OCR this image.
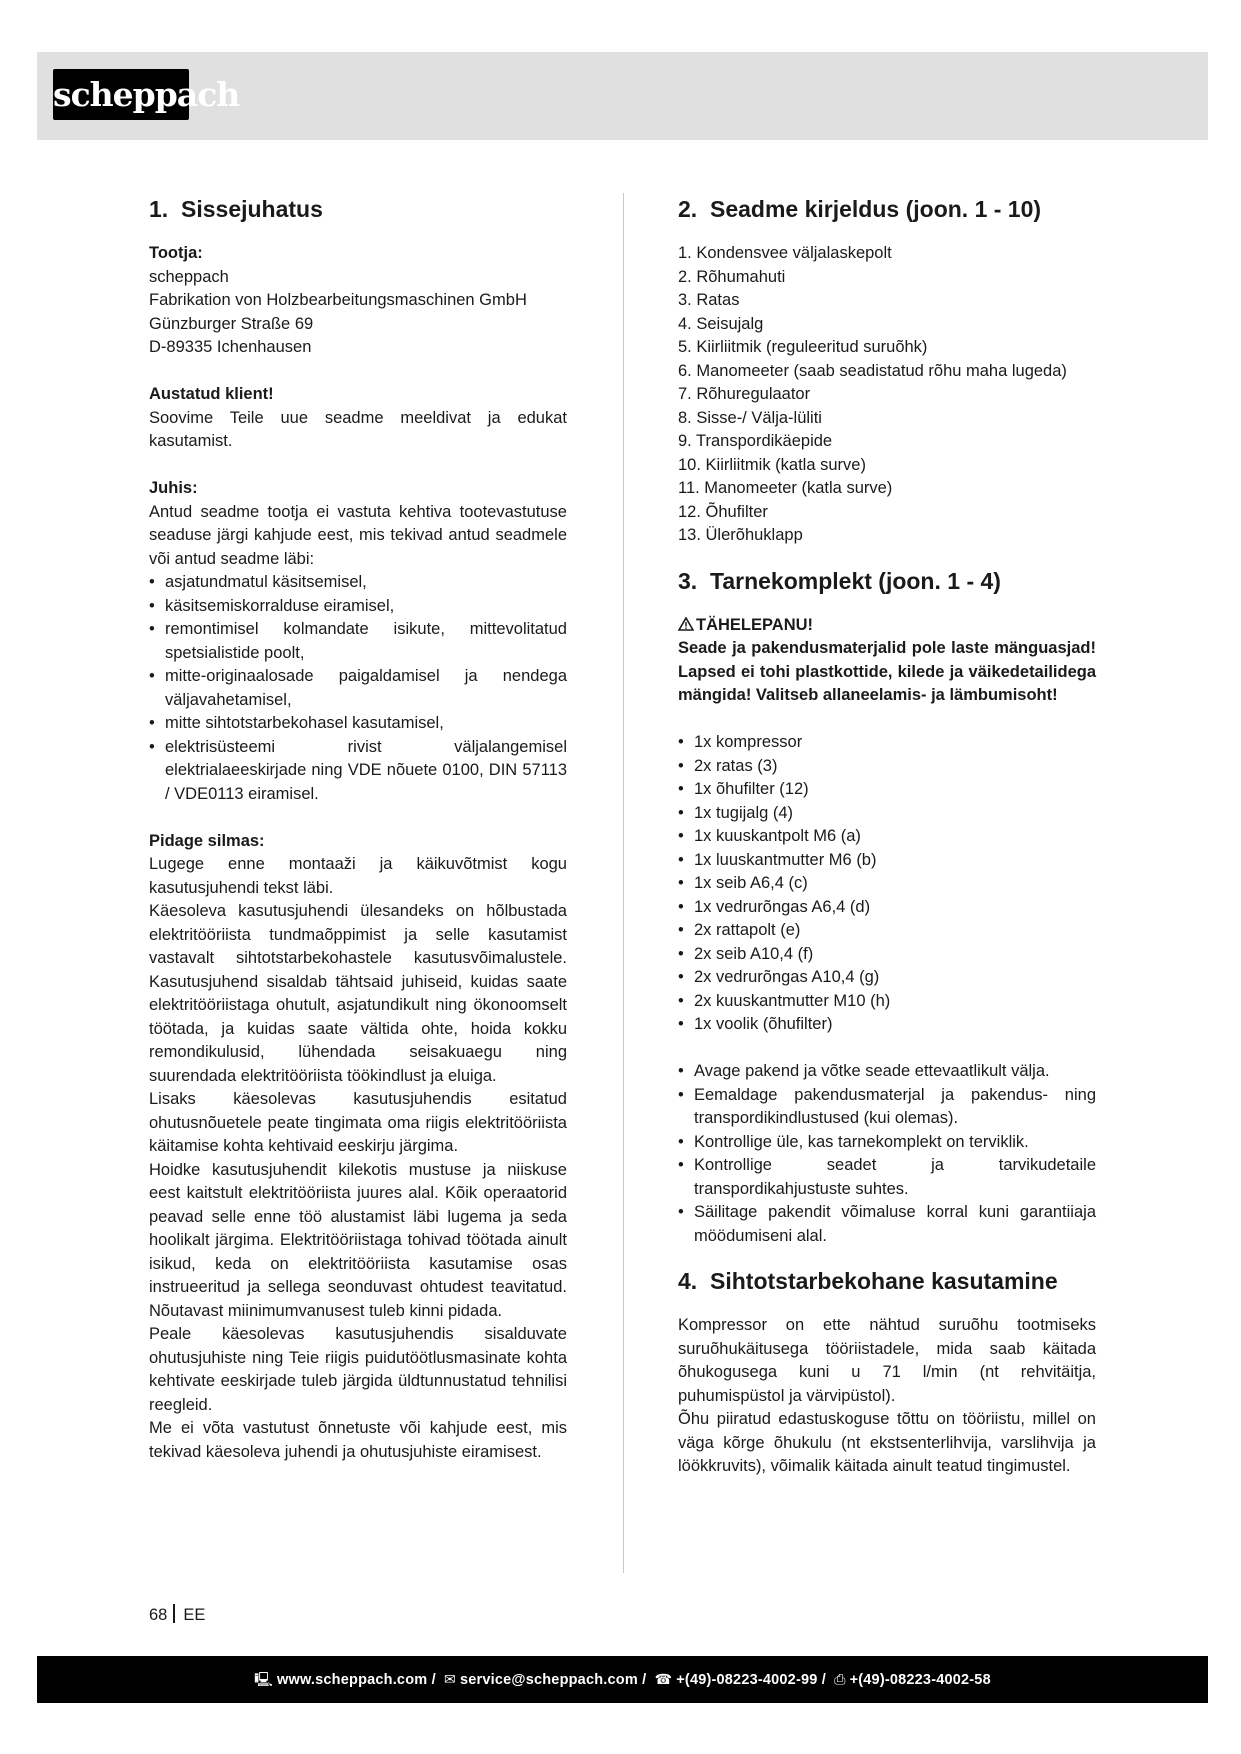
scheppach
1. Sissejuhatus
Tootja:
scheppach
Fabrikation von Holzbearbeitungsmaschinen GmbH
Günzburger Straße 69
D-89335 Ichenhausen
Austatud klient!

Soovime Teile uue seadme meeldivat ja edukat kasutamist.

Juhis:

Antud seadme tootja ei vastuta kehtiva tootevastutuse seaduse järgi kahjude eest, mis tekivad antud seadmele või antud seadme läbi:

• asjatundmatul käsitsemisel,
• käsitsemiskorralduse eiramisel,
• remontimisel kolmandate isikute, mittevolitatud spetsialistide poolt,
• mitte-originaalosade paigaldamisel ja nendega väljavahetamisel,
• mitte sihtotstarbekohasel kasutamisel,
• elektrisüsteemi rivist väljalangemisel elektrialaeeskirjade ning VDE nõuete 0100, DIN 57113 / VDE0113 eiramisel.
Pidage silmas:

Lugege enne montaaži ja käikuvõtmist kogu kasutusjuhendi tekst läbi.

Käesoleva kasutusjuhendi ülesandeks on hõlbustada elektritööriista tundmaõppimist ja selle kasutamist vastavalt sihtotstarbekohastele kasutusvõimalustele. Kasutusjuhend sisaldab tähtsaid juhiseid, kuidas saate elektritööriistaga ohutult, asjatundikult ning ökonoomselt töötada, ja kuidas saate vältida ohte, hoida kokku remondikulusid, lühendada seisakuaegu ning suurendada elektritööriista töökindlust ja eluiga.

Lisaks käesolevas kasutusjuhendis esitatud ohutusnõuetele peate tingimata oma riigis elektritööriista käitamise kohta kehtivaid eeskirju järgima.

Hoidke kasutusjuhendit kilekotis mustuse ja niiskuse eest kaitstult elektritööriista juures alal. Kõik operaatorid peavad selle enne töö alustamist läbi lugema ja seda hoolikalt järgima. Elektritööriistaga tohivad töötada ainult isikud, keda on elektritööriista kasutamise osas instrueeritud ja sellega seonduvast ohtudest teavitatud. Nõutavast miinimumvanusest tuleb kinni pidada.

Peale käesolevas kasutusjuhendis sisalduvate ohutusjuhiste ning Teie riigis puidutöötlusmasinate kohta kehtivate eeskirjade tuleb järgida üldtunnustatud tehnilisi reegleid.

Me ei võta vastutust õnnetuste või kahjude eest, mis tekivad käesoleva juhendi ja ohutusjuhiste eiramisest.

2. Seadme kirjeldus (joon. 1 - 10)
1. Kondensvee väljalaskepolt
2. Rõhumahuti
3. Ratas
4. Seisujalg
5. Kiirliitmik (reguleeritud suruõhk)
6. Manomeeter (saab seadistatud rõhu maha lugeda)
7. Rõhuregulaator
8. Sisse-/ Välja-lüliti
9. Transpordikäepide
10. Kiirliitmik (katla surve)
11. Manomeeter (katla surve)
12. Õhufilter
13. Ülerõhuklapp
3. Tarnekomplekt (joon. 1 - 4)
TÄHELEPANU!

Seade ja pakendusmaterjalid pole laste mänguasjad! Lapsed ei tohi plastkottide, kilede ja väikedetailidega mängida! Valitseb allaneelamis- ja lämbumisoht!

• 1x kompressor
• 2x ratas (3)
• 1x õhufilter (12)
• 1x tugijalg (4)
• 1x kuuskantpolt M6 (a)
• 1x luuskantmutter M6 (b)
• 1x seib A6,4 (c)
• 1x vedrurõngas A6,4 (d)
• 2x rattapolt (e)
• 2x seib A10,4 (f)
• 2x vedrurõngas A10,4 (g)
• 2x kuuskantmutter M10 (h)
• 1x voolik (õhufilter)
• Avage pakend ja võtke seade ettevaatlikult välja.
• Eemaldage pakendusmaterjal ja pakendus- ning transpordikindlustused (kui olemas).
• Kontrollige üle, kas tarnekomplekt on terviklik.
• Kontrollige seadet ja tarvikudetaile transpordikahjustuste suhtes.
• Säilitage pakendit võimaluse korral kuni garantiiaja möödumiseni alal.
4. Sihtotstarbekohane kasutamine

Kompressor on ette nähtud suruõhu tootmiseks suruõhukäitusega tööriistadele, mida saab käitada õhukogusega kuni u 71 l/min (nt rehvitäitja, puhumispüstol ja värvipüstol).

Õhu piiratud edastuskoguse tõttu on tööriistu, millel on väga kõrge õhukulu (nt ekstsenterlihvija, varslihvija ja löökkruvits), võimalik käitada ainult teatud tingimustel.

68 EE
🖳︎ www.scheppach.com / ✉︎ service@scheppach.com / ☎︎ +(49)-08223-4002-99 / ⎙ +(49)-08223-4002-58
